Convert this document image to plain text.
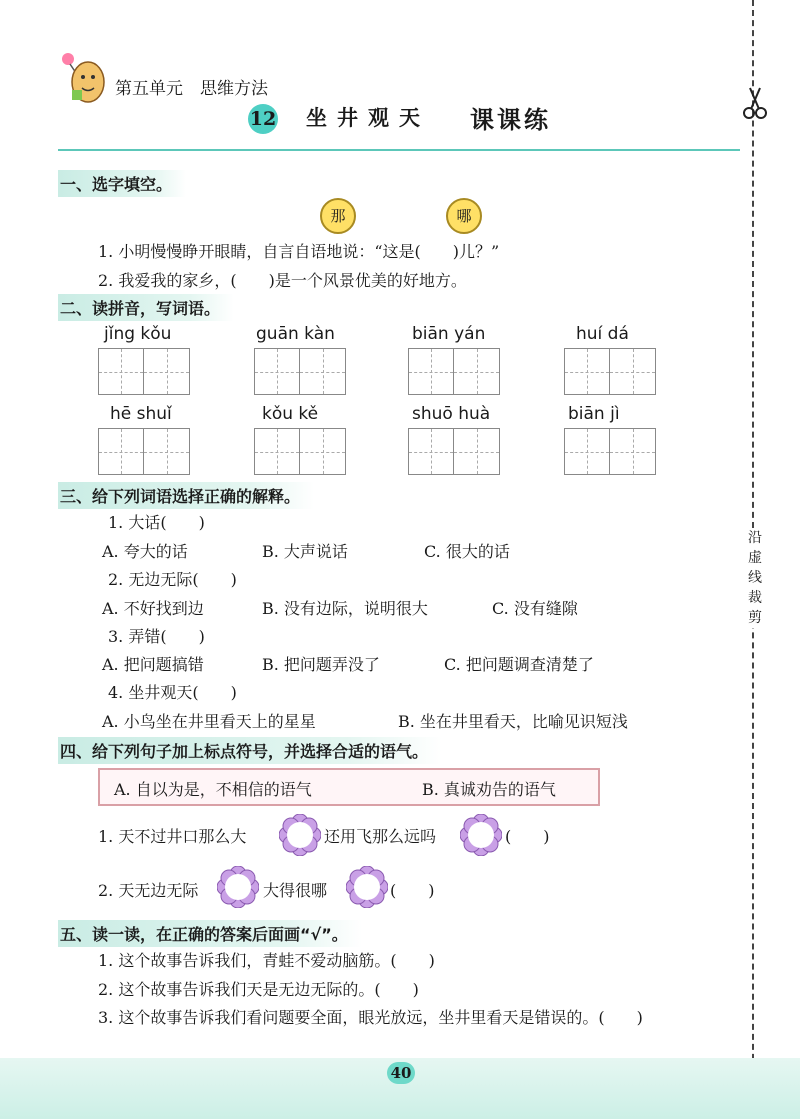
第五单元　思维方法
12 坐井观天 课课练
沿
虚
线
裁
剪
一、选字填空。
那	哪
1. 小明慢慢睁开眼睛，自言自语地说：“这是(　　)儿？”
2. 我爱我的家乡，(　　)是一个风景优美的好地方。
二、读拼音，写词语。
jǐng kǒu	guān kàn	biān yán	huí dá
hē shuǐ	kǒu kě	shuō huà	biān jì
三、给下列词语选择正确的解释。
1. 大话(　　)
A. 夸大的话	B. 大声说话	C. 很大的话
2. 无边无际(　　)
A. 不好找到边	B. 没有边际，说明很大	C. 没有缝隙
3. 弄错(　　)
A. 把问题搞错	B. 把问题弄没了	C. 把问题调查清楚了
4. 坐井观天(　　)
A. 小鸟坐在井里看天上的星星	B. 坐在井里看天，比喻见识短浅
四、给下列句子加上标点符号，并选择合适的语气。
A. 自以为是，不相信的语气	B. 真诚劝告的语气
1. 天不过井口那么大	还用飞那么远吗	(　　)
2. 天无边无际	大得很哪	(　　)
五、读一读，在正确的答案后面画“√”。
1. 这个故事告诉我们，青蛙不爱动脑筋。(　　)
2. 这个故事告诉我们天是无边无际的。(　　)
3. 这个故事告诉我们看问题要全面，眼光放远，坐井里看天是错误的。(　　)
40
